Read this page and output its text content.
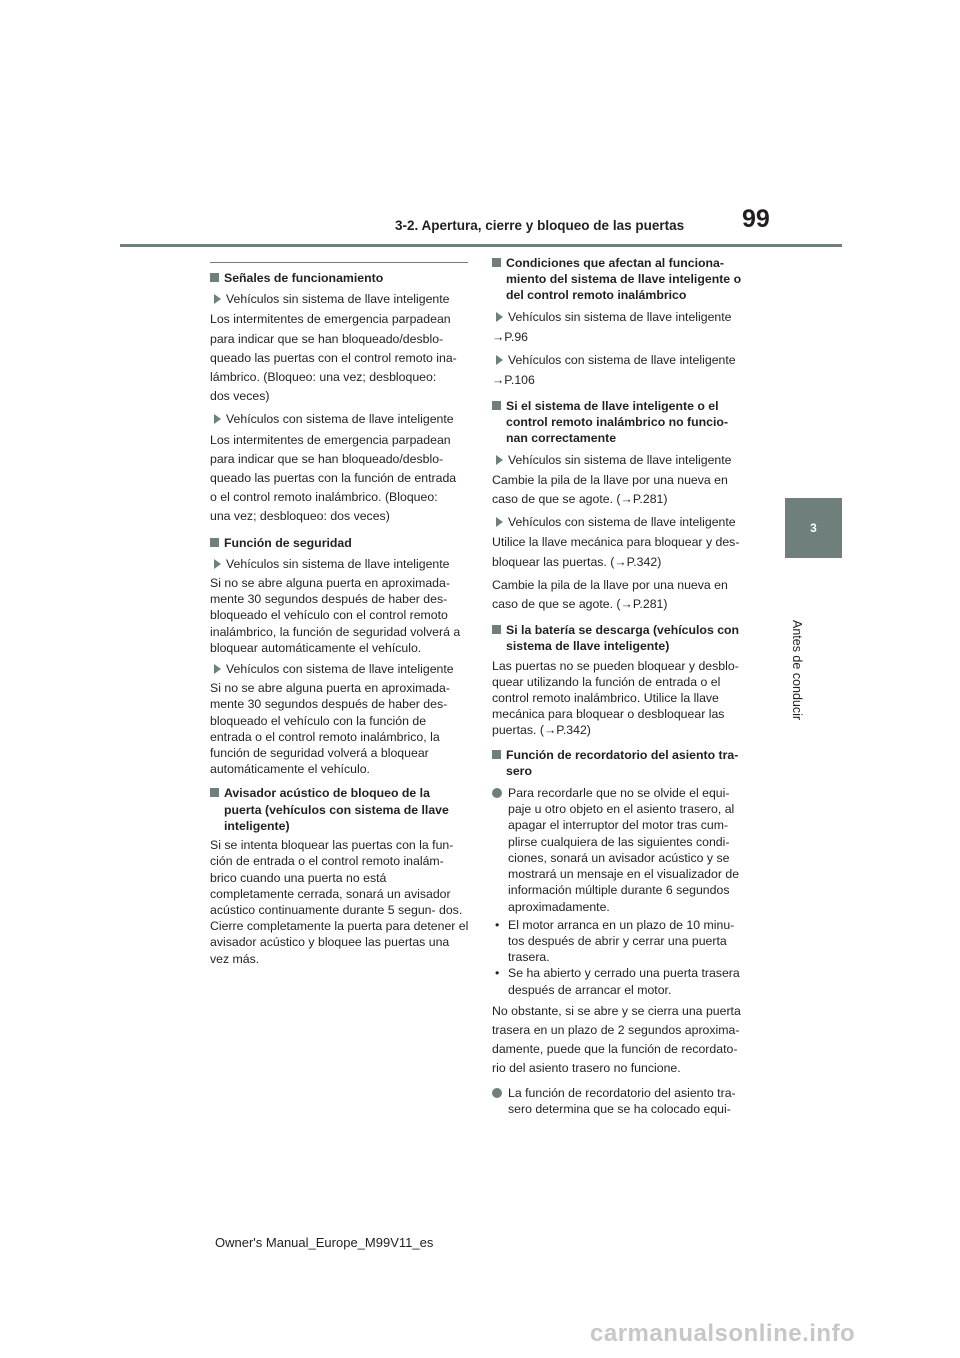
3-2. Apertura, cierre y bloqueo de las puertas	99
3
Antes de conducir
Señales de funcionamiento
Vehículos sin sistema de llave inteligente
Los intermitentes de emergencia parpadean
para indicar que se han bloqueado/desblo-
queado las puertas con el control remoto ina-
lámbrico. (Bloqueo: una vez; desbloqueo:
dos veces)
Vehículos con sistema de llave inteligente
Los intermitentes de emergencia parpadean
para indicar que se han bloqueado/desblo-
queado las puertas con la función de entrada
o el control remoto inalámbrico. (Bloqueo:
una vez; desbloqueo: dos veces)
Función de seguridad
Vehículos sin sistema de llave inteligente
Si no se abre alguna puerta en aproximada- mente 30 segundos después de haber des- bloqueado el vehículo con el control remoto inalámbrico, la función de seguridad volverá a bloquear automáticamente el vehículo.
Vehículos con sistema de llave inteligente
Si no se abre alguna puerta en aproximada- mente 30 segundos después de haber des- bloqueado el vehículo con la función de entrada o el control remoto inalámbrico, la función de seguridad volverá a bloquear automáticamente el vehículo.
Avisador acústico de bloqueo de la puerta (vehículos con sistema de llave inteligente)
Si se intenta bloquear las puertas con la fun- ción de entrada o el control remoto inalám- brico cuando una puerta no está completamente cerrada, sonará un avisador acústico continuamente durante 5 segun- dos. Cierre completamente la puerta para detener el avisador acústico y bloquee las puertas una vez más.
Condiciones que afectan al funciona- miento del sistema de llave inteligente o del control remoto inalámbrico
Vehículos sin sistema de llave inteligente
→P.96
Vehículos con sistema de llave inteligente
→P.106
Si el sistema de llave inteligente o el control remoto inalámbrico no funcio- nan correctamente
Vehículos sin sistema de llave inteligente
Cambie la pila de la llave por una nueva en
caso de que se agote. (→P.281)
Vehículos con sistema de llave inteligente
Utilice la llave mecánica para bloquear y des-
bloquear las puertas. (→P.342)
Cambie la pila de la llave por una nueva en
caso de que se agote. (→P.281)
Si la batería se descarga (vehículos con sistema de llave inteligente)
Las puertas no se pueden bloquear y desblo- quear utilizando la función de entrada o el control remoto inalámbrico. Utilice la llave mecánica para bloquear o desbloquear las puertas. (→P.342)
Función de recordatorio del asiento tra- sero
Para recordarle que no se olvide el equi- paje u otro objeto en el asiento trasero, al apagar el interruptor del motor tras cum- plirse cualquiera de las siguientes condi- ciones, sonará un avisador acústico y se mostrará un mensaje en el visualizador de información múltiple durante 6 segundos aproximadamente.
• El motor arranca en un plazo de 10 minu- tos después de abrir y cerrar una puerta trasera.
• Se ha abierto y cerrado una puerta trasera después de arrancar el motor.
No obstante, si se abre y se cierra una puerta
trasera en un plazo de 2 segundos aproxima-
damente, puede que la función de recordato-
rio del asiento trasero no funcione.
La función de recordatorio del asiento tra- sero determina que se ha colocado equi-
Owner's Manual_Europe_M99V11_es
carmanualsonline.info
